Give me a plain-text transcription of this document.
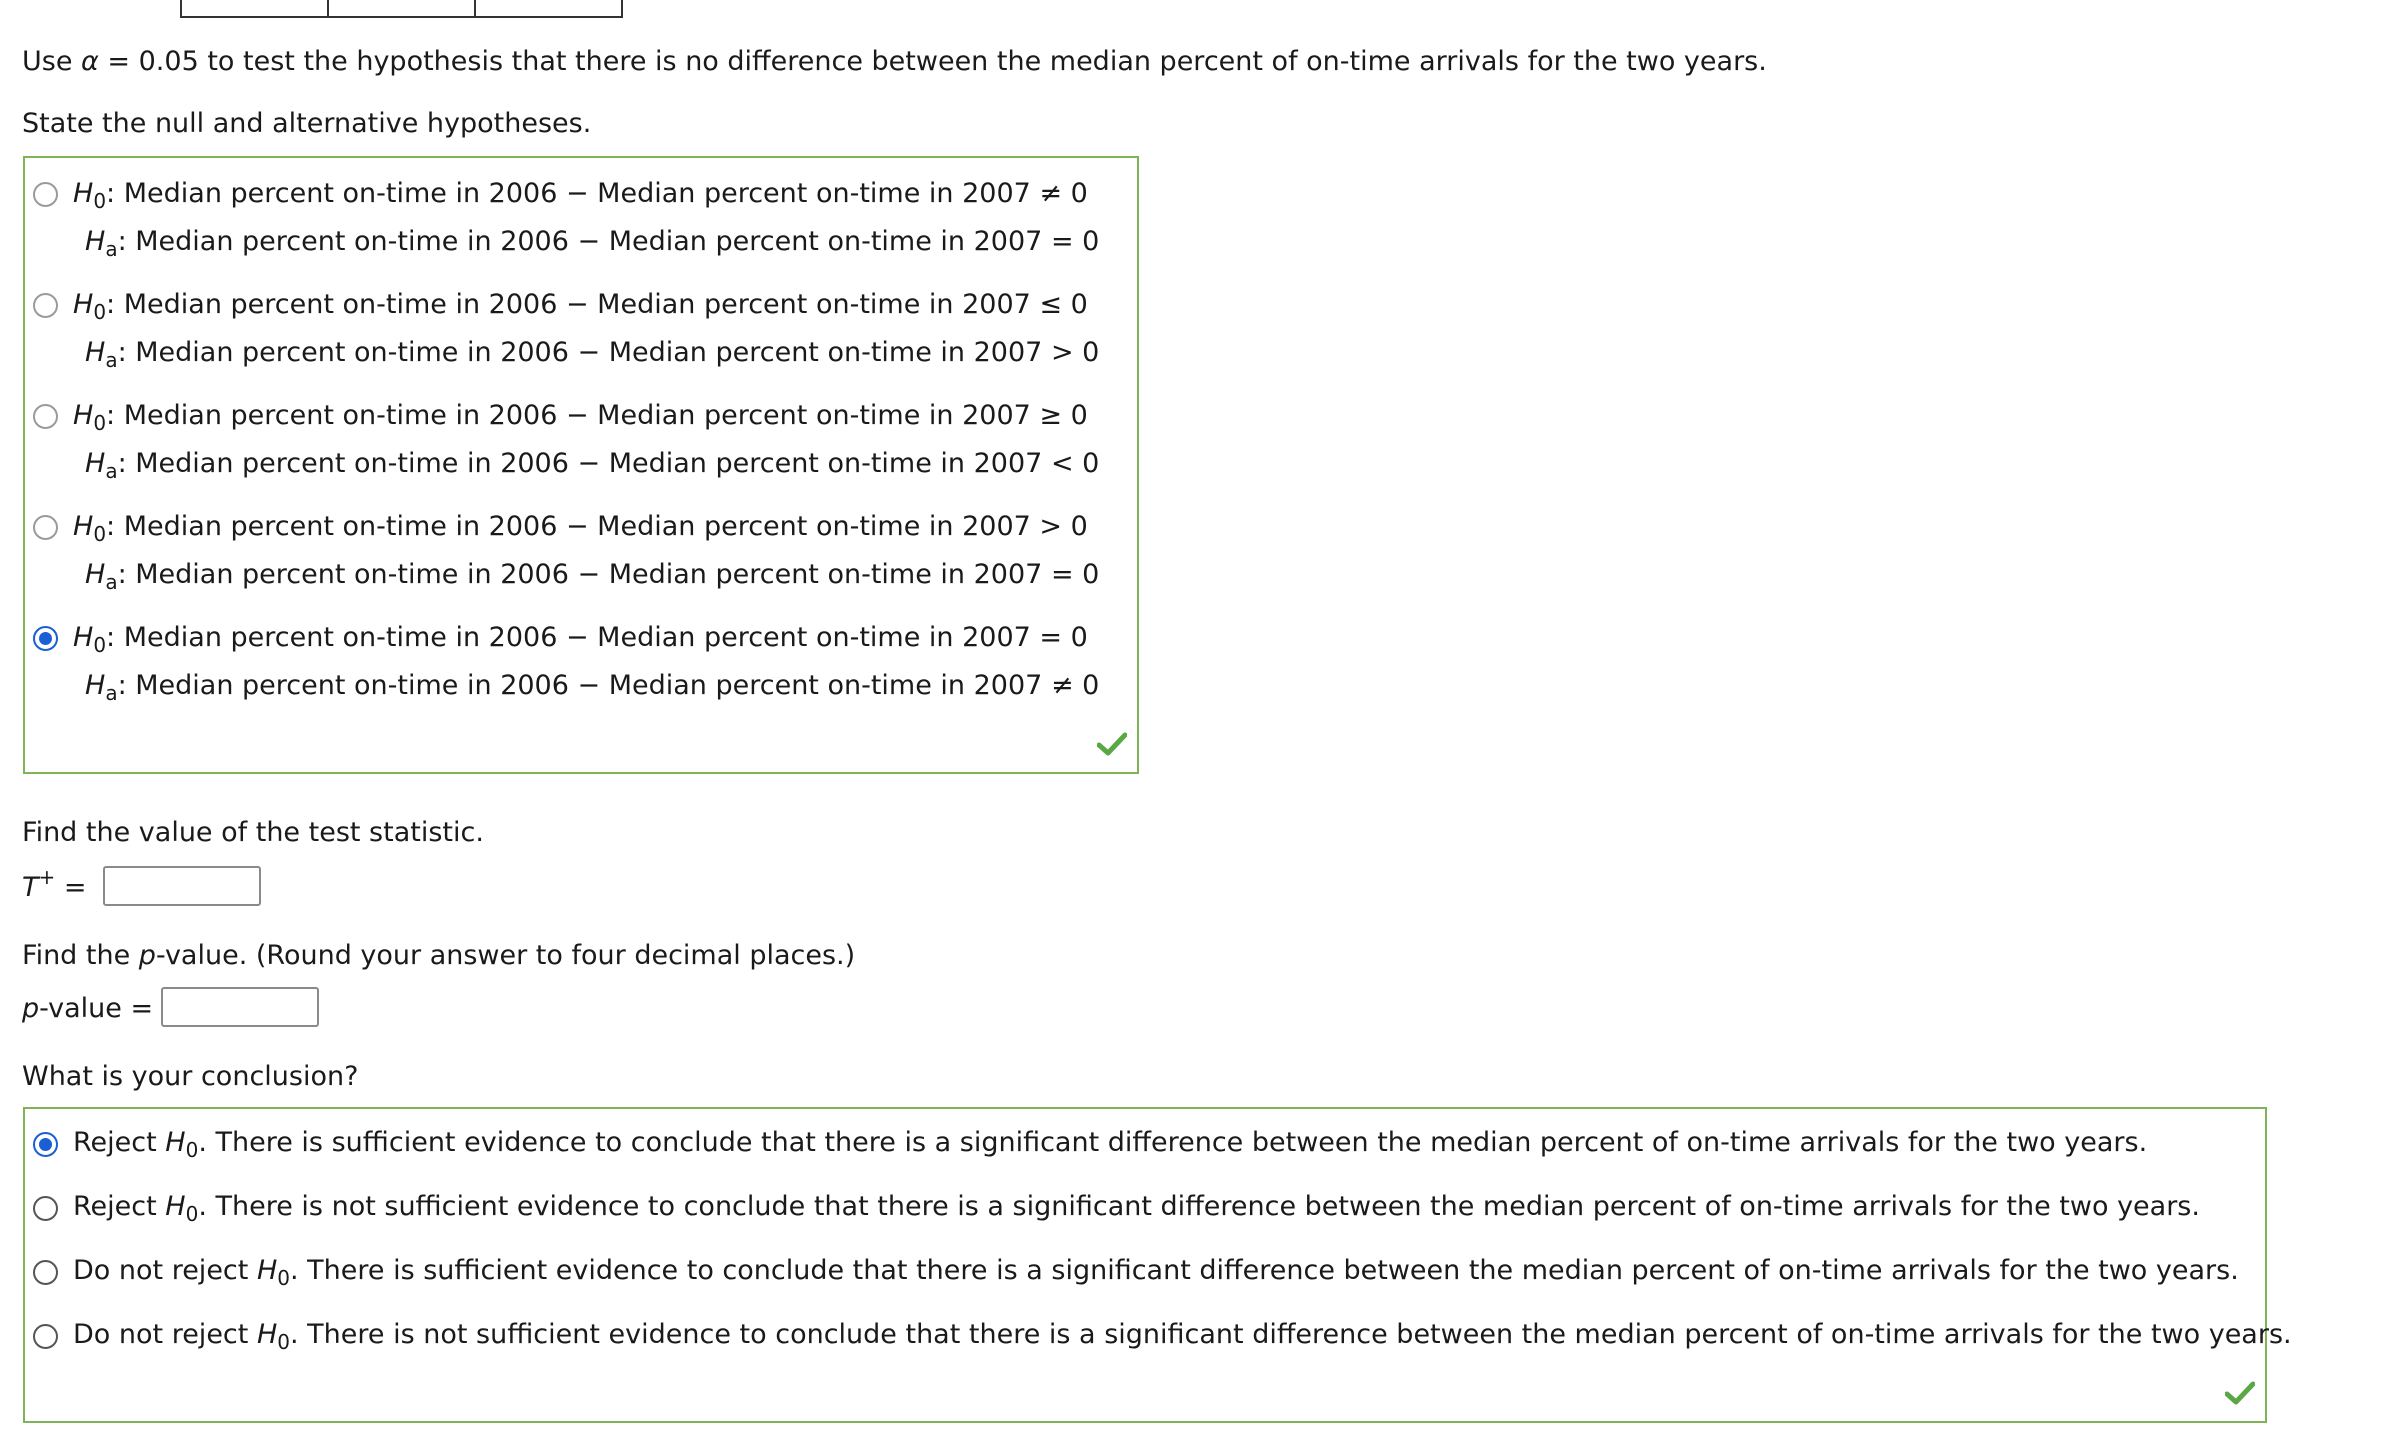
Use α = 0.05 to test the hypothesis that there is no difference between the median percent of on-time arrivals for the two years.
State the null and alternative hypotheses.
$H_0$: Median percent on-time in 2006 − Median percent on-time in 2007 ≠ 0
$H_a$: Median percent on-time in 2006 − Median percent on-time in 2007 = 0
$H_0$: Median percent on-time in 2006 − Median percent on-time in 2007 ≤ 0
$H_a$: Median percent on-time in 2006 − Median percent on-time in 2007 > 0
$H_0$: Median percent on-time in 2006 − Median percent on-time in 2007 ≥ 0
$H_a$: Median percent on-time in 2006 − Median percent on-time in 2007 < 0
$H_0$: Median percent on-time in 2006 − Median percent on-time in 2007 > 0
$H_a$: Median percent on-time in 2006 − Median percent on-time in 2007 = 0
$H_0$: Median percent on-time in 2006 − Median percent on-time in 2007 = 0
$H_a$: Median percent on-time in 2006 − Median percent on-time in 2007 ≠ 0
Find the value of the test statistic.
T+ =
Find the p-value. (Round your answer to four decimal places.)
p-value =
What is your conclusion?
Reject $H_0$. There is sufficient evidence to conclude that there is a significant difference between the median percent of on-time arrivals for the two years.
Reject $H_0$. There is not sufficient evidence to conclude that there is a significant difference between the median percent of on-time arrivals for the two years.
Do not reject $H_0$. There is sufficient evidence to conclude that there is a significant difference between the median percent of on-time arrivals for the two years.
Do not reject $H_0$. There is not sufficient evidence to conclude that there is a significant difference between the median percent of on-time arrivals for the two years.
